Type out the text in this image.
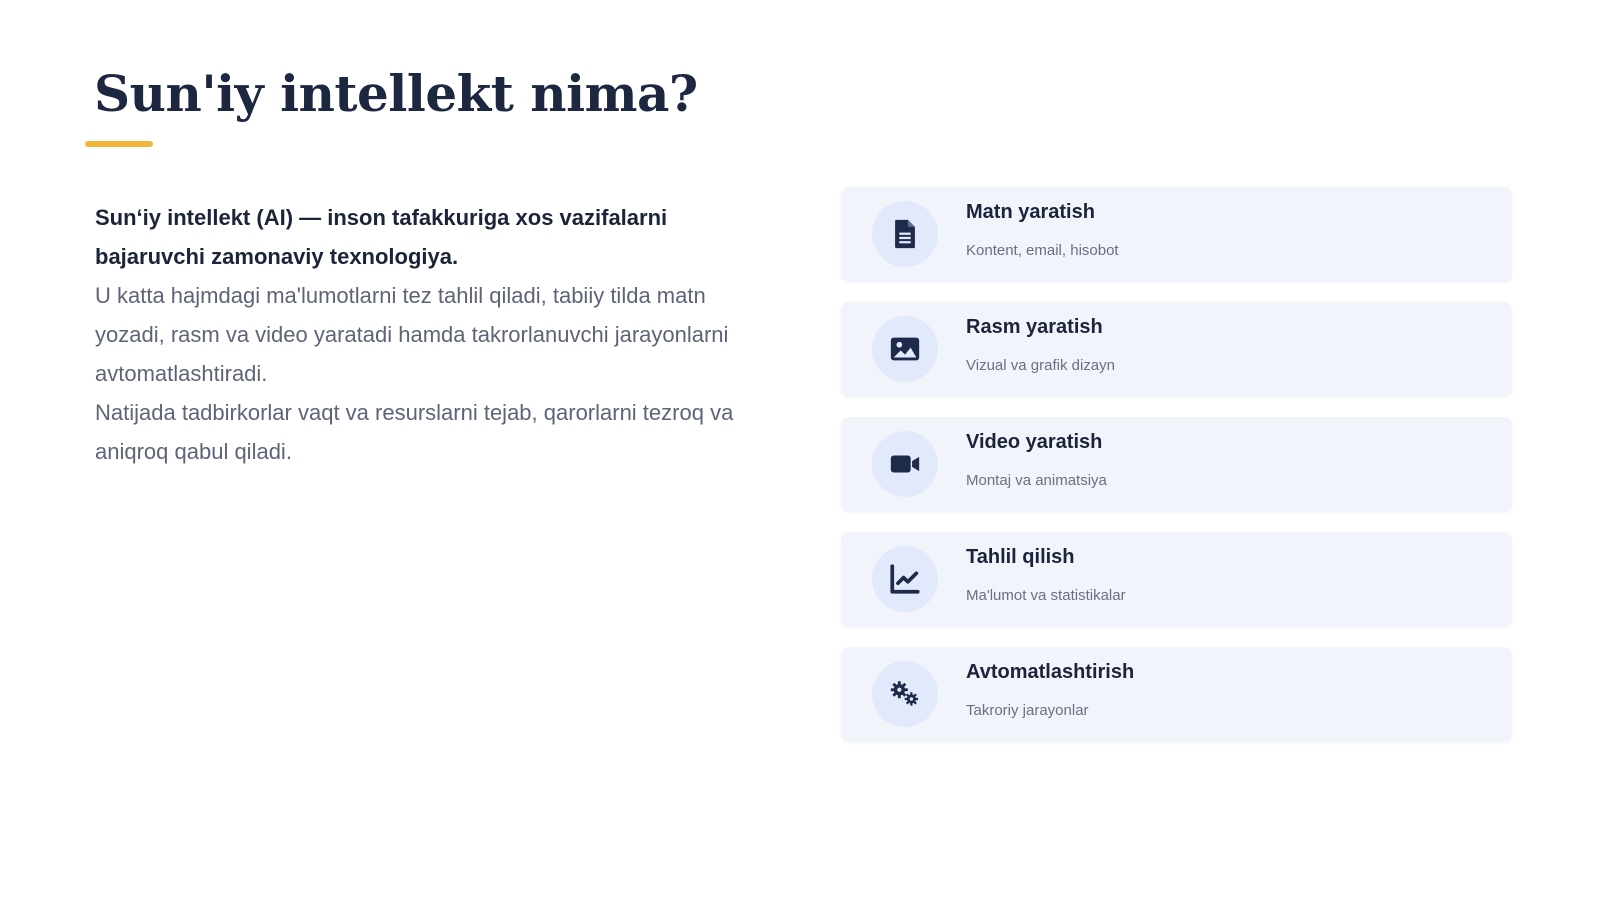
Sun'iy intellekt nima?
Sun‘iy intellekt (AI) — inson tafakkuriga xos vazifalarni bajaruvchi zamonaviy texnologiya.
U katta hajmdagi ma'lumotlarni tez tahlil qiladi, tabiiy tilda matn yozadi, rasm va video yaratadi hamda takrorlanuvchi jarayonlarni avtomatlashtiradi.
Natijada tadbirkorlar vaqt va resurslarni tejab, qarorlarni tezroq va aniqroq qabul qiladi.
Matn yaratish
Kontent, email, hisobot
Rasm yaratish
Vizual va grafik dizayn
Video yaratish
Montaj va animatsiya
Tahlil qilish
Ma'lumot va statistikalar
Avtomatlashtirish
Takroriy jarayonlar
